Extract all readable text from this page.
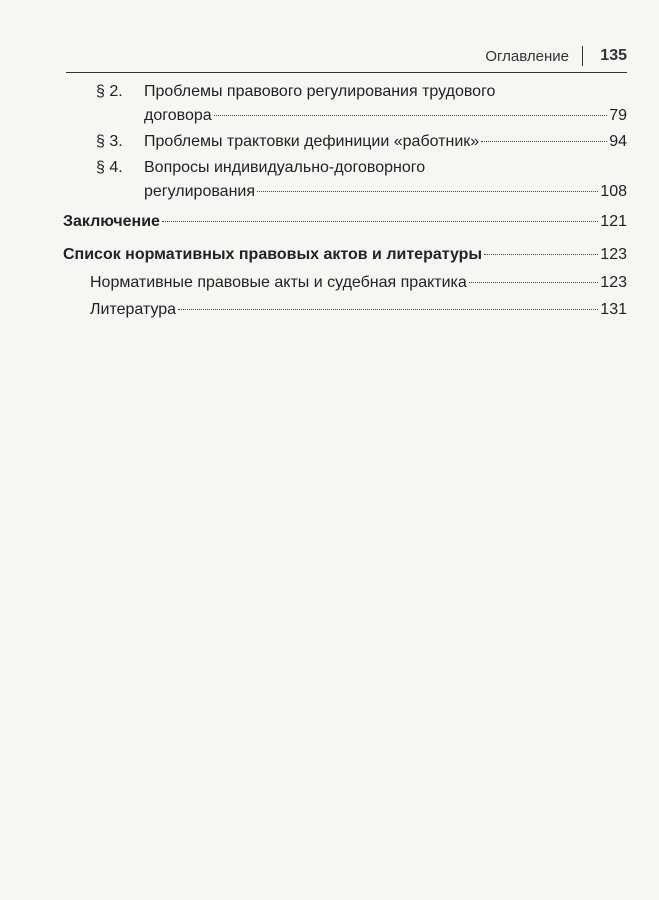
Оглавление 135
§ 2. Проблемы правового регулирования трудового
договора	79
§ 3. Проблемы трактовки дефиниции «работник»	94
§ 4. Вопросы индивидуально-договорного
регулирования	108
Заключение	121
Список нормативных правовых актов и литературы	123
Нормативные правовые акты и судебная практика	123
Литература	131
